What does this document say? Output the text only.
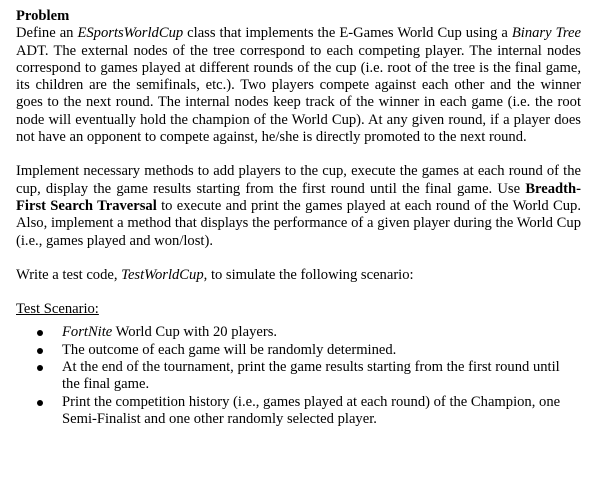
Problem

Define an ESportsWorldCup class that implements the E-Games World Cup using a Binary Tree ADT. The external nodes of the tree correspond to each competing player. The internal nodes correspond to games played at different rounds of the cup (i.e. root of the tree is the final game, its children are the semifinals, etc.). Two players compete against each other and the winner goes to the next round. The internal nodes keep track of the winner in each game (i.e. the root node will eventually hold the champion of the World Cup). At any given round, if a player does not have an opponent to compete against, he/she is directly promoted to the next round.

Implement necessary methods to add players to the cup, execute the games at each round of the cup, display the game results starting from the first round until the final game. Use Breadth-First Search Traversal to execute and print the games played at each round of the World Cup. Also, implement a method that displays the performance of a given player during the World Cup (i.e., games played and won/lost).

Write a test code, TestWorldCup, to simulate the following scenario:

Test Scenario:

FortNite World Cup with 20 players.
The outcome of each game will be randomly determined.
At the end of the tournament, print the game results starting from the first round until the final game.
Print the competition history (i.e., games played at each round) of the Champion, one Semi-Finalist and one other randomly selected player.
